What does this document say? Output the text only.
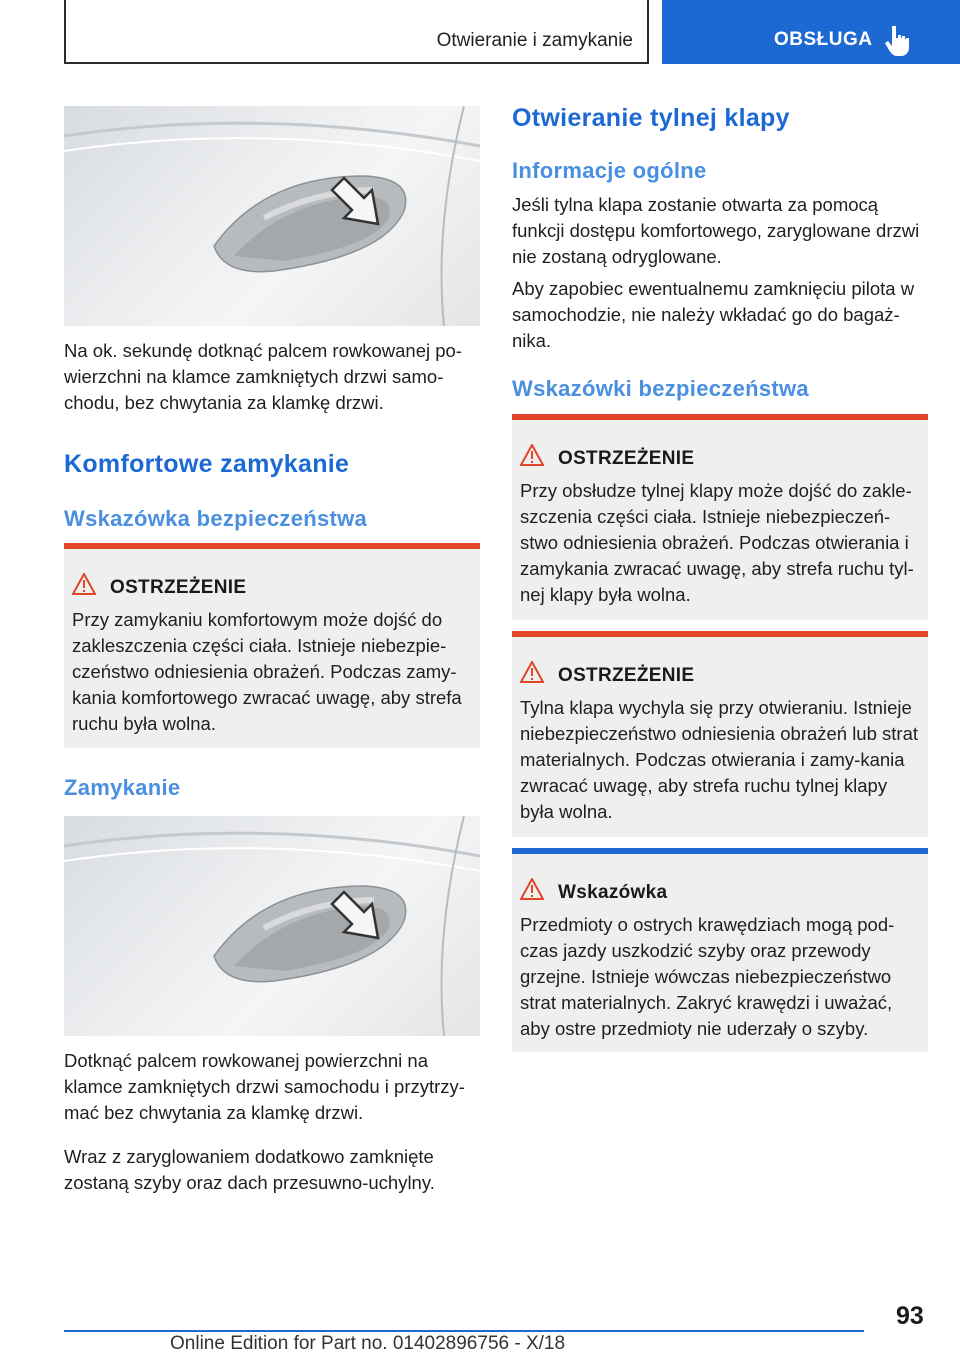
Otwieranie i zamykanie	OBSŁUGA

Na ok. sekundę dotknąć palcem rowkowanej po-wierzchni na klamce zamkniętych drzwi samo-chodu, bez chwytania za klamkę drzwi.

Komfortowe zamykanie
Wskazówka bezpieczeństwa
OSTRZEŻENIE
Przy zamykaniu komfortowym może dojść do zakleszczenia części ciała. Istnieje niebezpie-czeństwo odniesienia obrażeń. Podczas zamy-kania komfortowego zwracać uwagę, aby strefa ruchu była wolna.
Zamykanie

Dotknąć palcem rowkowanej powierzchni na klamce zamkniętych drzwi samochodu i przytrzy-mać bez chwytania za klamkę drzwi.

Wraz z zaryglowaniem dodatkowo zamknięte zostaną szyby oraz dach przesuwno-uchylny.

Otwieranie tylnej klapy
Informacje ogólne

Jeśli tylna klapa zostanie otwarta za pomocą funkcji dostępu komfortowego, zaryglowane drzwi nie zostaną odryglowane.

Aby zapobiec ewentualnemu zamknięciu pilota w samochodzie, nie należy wkładać go do bagaż-nika.

Wskazówki bezpieczeństwa
OSTRZEŻENIE
Przy obsłudze tylnej klapy może dojść do zakle-szczenia części ciała. Istnieje niebezpieczeń-stwo odniesienia obrażeń. Podczas otwierania i zamykania zwracać uwagę, aby strefa ruchu tyl-nej klapy była wolna.
OSTRZEŻENIE
Tylna klapa wychyla się przy otwieraniu. Istnieje niebezpieczeństwo odniesienia obrażeń lub strat materialnych. Podczas otwierania i zamy-kania zwracać uwagę, aby strefa ruchu tylnej klapy była wolna.
Wskazówka
Przedmioty o ostrych krawędziach mogą pod-czas jazdy uszkodzić szyby oraz przewody grzejne. Istnieje wówczas niebezpieczeństwo strat materialnych. Zakryć krawędzi i uważać, aby ostre przedmioty nie uderzały o szyby.
93
Online Edition for Part no. 01402896756 - X/18
